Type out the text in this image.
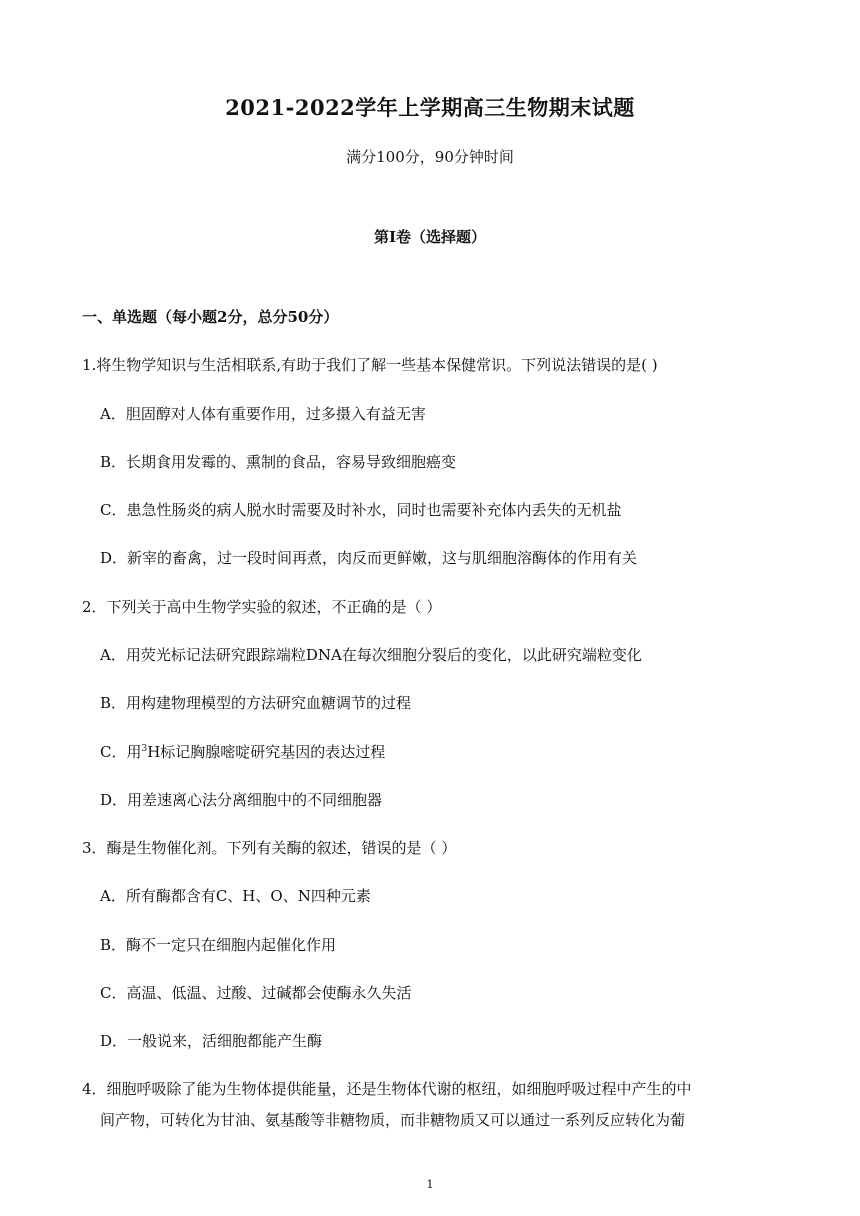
2021-2022学年上学期高三生物期末试题
满分100分，90分钟时间
第Ⅰ卷（选择题）
一、单选题（每小题2分，总分50分）
1.将生物学知识与生活相联系,有助于我们了解一些基本保健常识。下列说法错误的是( )
A．胆固醇对人体有重要作用，过多摄入有益无害
B．长期食用发霉的、熏制的食品，容易导致细胞癌变
C．患急性肠炎的病人脱水时需要及时补水，同时也需要补充体内丢失的无机盐
D．新宰的畜禽，过一段时间再煮，肉反而更鲜嫩，这与肌细胞溶酶体的作用有关
2．下列关于高中生物学实验的叙述，不正确的是（ ）
A．用荧光标记法研究跟踪端粒DNA在每次细胞分裂后的变化，以此研究端粒变化
B．用构建物理模型的方法研究血糖调节的过程
C．用$^3$H标记胸腺嘧啶研究基因的表达过程
D．用差速离心法分离细胞中的不同细胞器
3．酶是生物催化剂。下列有关酶的叙述，错误的是（ ）
A．所有酶都含有C、H、O、N四种元素
B．酶不一定只在细胞内起催化作用
C．高温、低温、过酸、过碱都会使酶永久失活
D．一般说来，活细胞都能产生酶
4．细胞呼吸除了能为生物体提供能量，还是生物体代谢的枢纽，如细胞呼吸过程中产生的中
间产物，可转化为甘油、氨基酸等非糖物质，而非糖物质又可以通过一系列反应转化为葡
1
